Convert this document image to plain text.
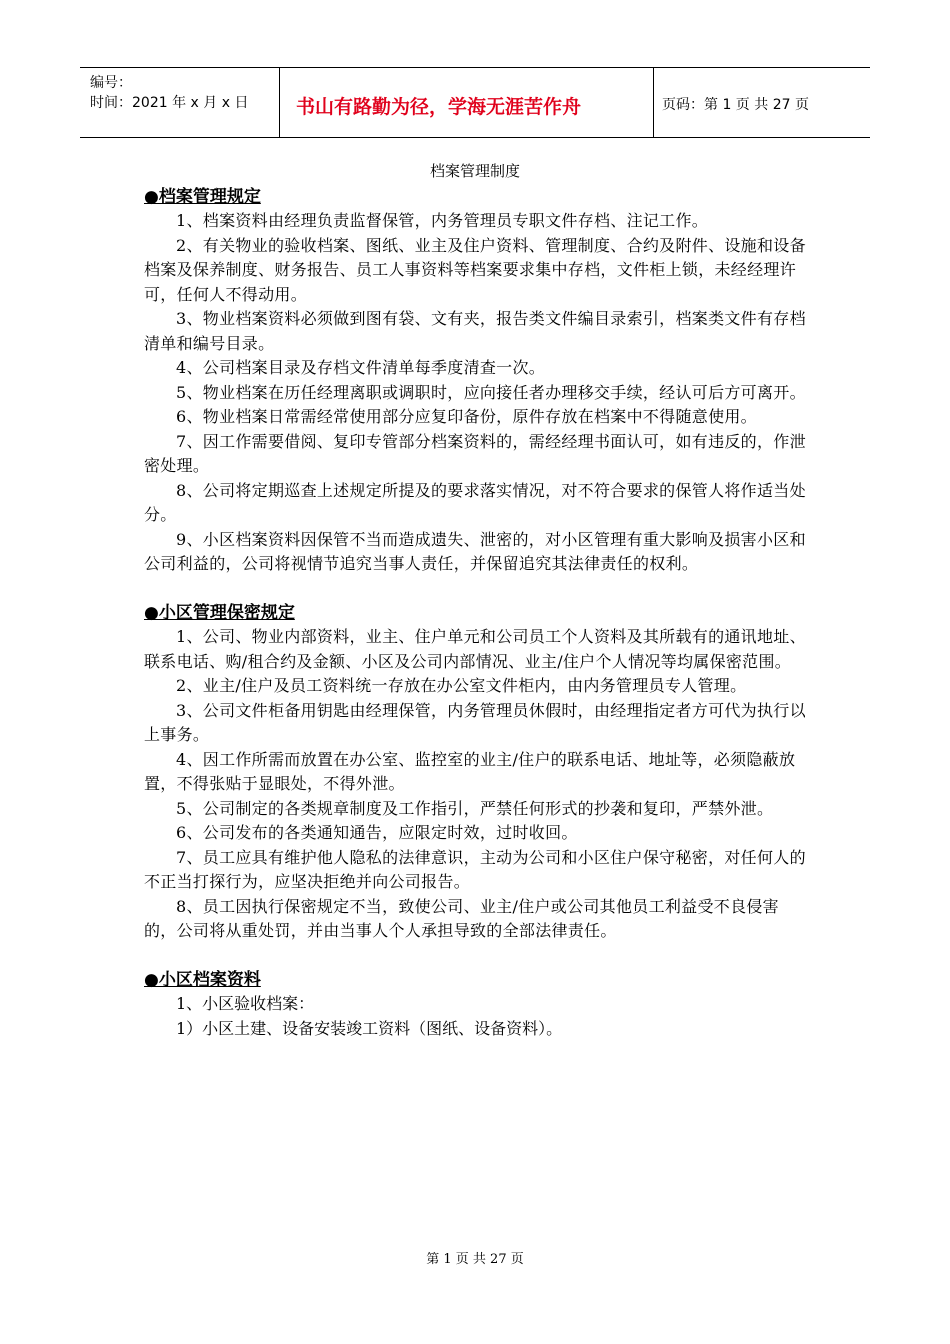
编号：
时间：2021 年 x 月 x 日	书山有路勤为径，学海无涯苦作舟	页码：第 1 页 共 27 页
档案管理制度
●档案管理规定

1、档案资料由经理负责监督保管，内务管理员专职文件存档、注记工作。

2、有关物业的验收档案、图纸、业主及住户资料、管理制度、合约及附件、设施和设备档案及保养制度、财务报告、员工人事资料等档案要求集中存档，文件柜上锁，未经经理许可，任何人不得动用。

3、物业档案资料必须做到图有袋、文有夹，报告类文件编目录索引，档案类文件有存档清单和编号目录。

4、公司档案目录及存档文件清单每季度清查一次。

5、物业档案在历任经理离职或调职时，应向接任者办理移交手续，经认可后方可离开。

6、物业档案日常需经常使用部分应复印备份，原件存放在档案中不得随意使用。

7、因工作需要借阅、复印专管部分档案资料的，需经经理书面认可，如有违反的，作泄密处理。

8、公司将定期巡查上述规定所提及的要求落实情况，对不符合要求的保管人将作适当处分。

9、小区档案资料因保管不当而造成遗失、泄密的，对小区管理有重大影响及损害小区和公司利益的，公司将视情节追究当事人责任，并保留追究其法律责任的权利。

●小区管理保密规定

1、公司、物业内部资料，业主、住户单元和公司员工个人资料及其所载有的通讯地址、联系电话、购/租合约及金额、小区及公司内部情况、业主/住户个人情况等均属保密范围。

2、业主/住户及员工资料统一存放在办公室文件柜内，由内务管理员专人管理。

3、公司文件柜备用钥匙由经理保管，内务管理员休假时，由经理指定者方可代为执行以上事务。

4、因工作所需而放置在办公室、监控室的业主/住户的联系电话、地址等，必须隐蔽放置，不得张贴于显眼处，不得外泄。

5、公司制定的各类规章制度及工作指引，严禁任何形式的抄袭和复印，严禁外泄。

6、公司发布的各类通知通告，应限定时效，过时收回。

7、员工应具有维护他人隐私的法律意识，主动为公司和小区住户保守秘密，对任何人的不正当打探行为，应坚决拒绝并向公司报告。

8、员工因执行保密规定不当，致使公司、业主/住户或公司其他员工利益受不良侵害的，公司将从重处罚，并由当事人个人承担导致的全部法律责任。

●小区档案资料

1、小区验收档案：

1）小区土建、设备安装竣工资料（图纸、设备资料）。

第 1 页 共 27 页
